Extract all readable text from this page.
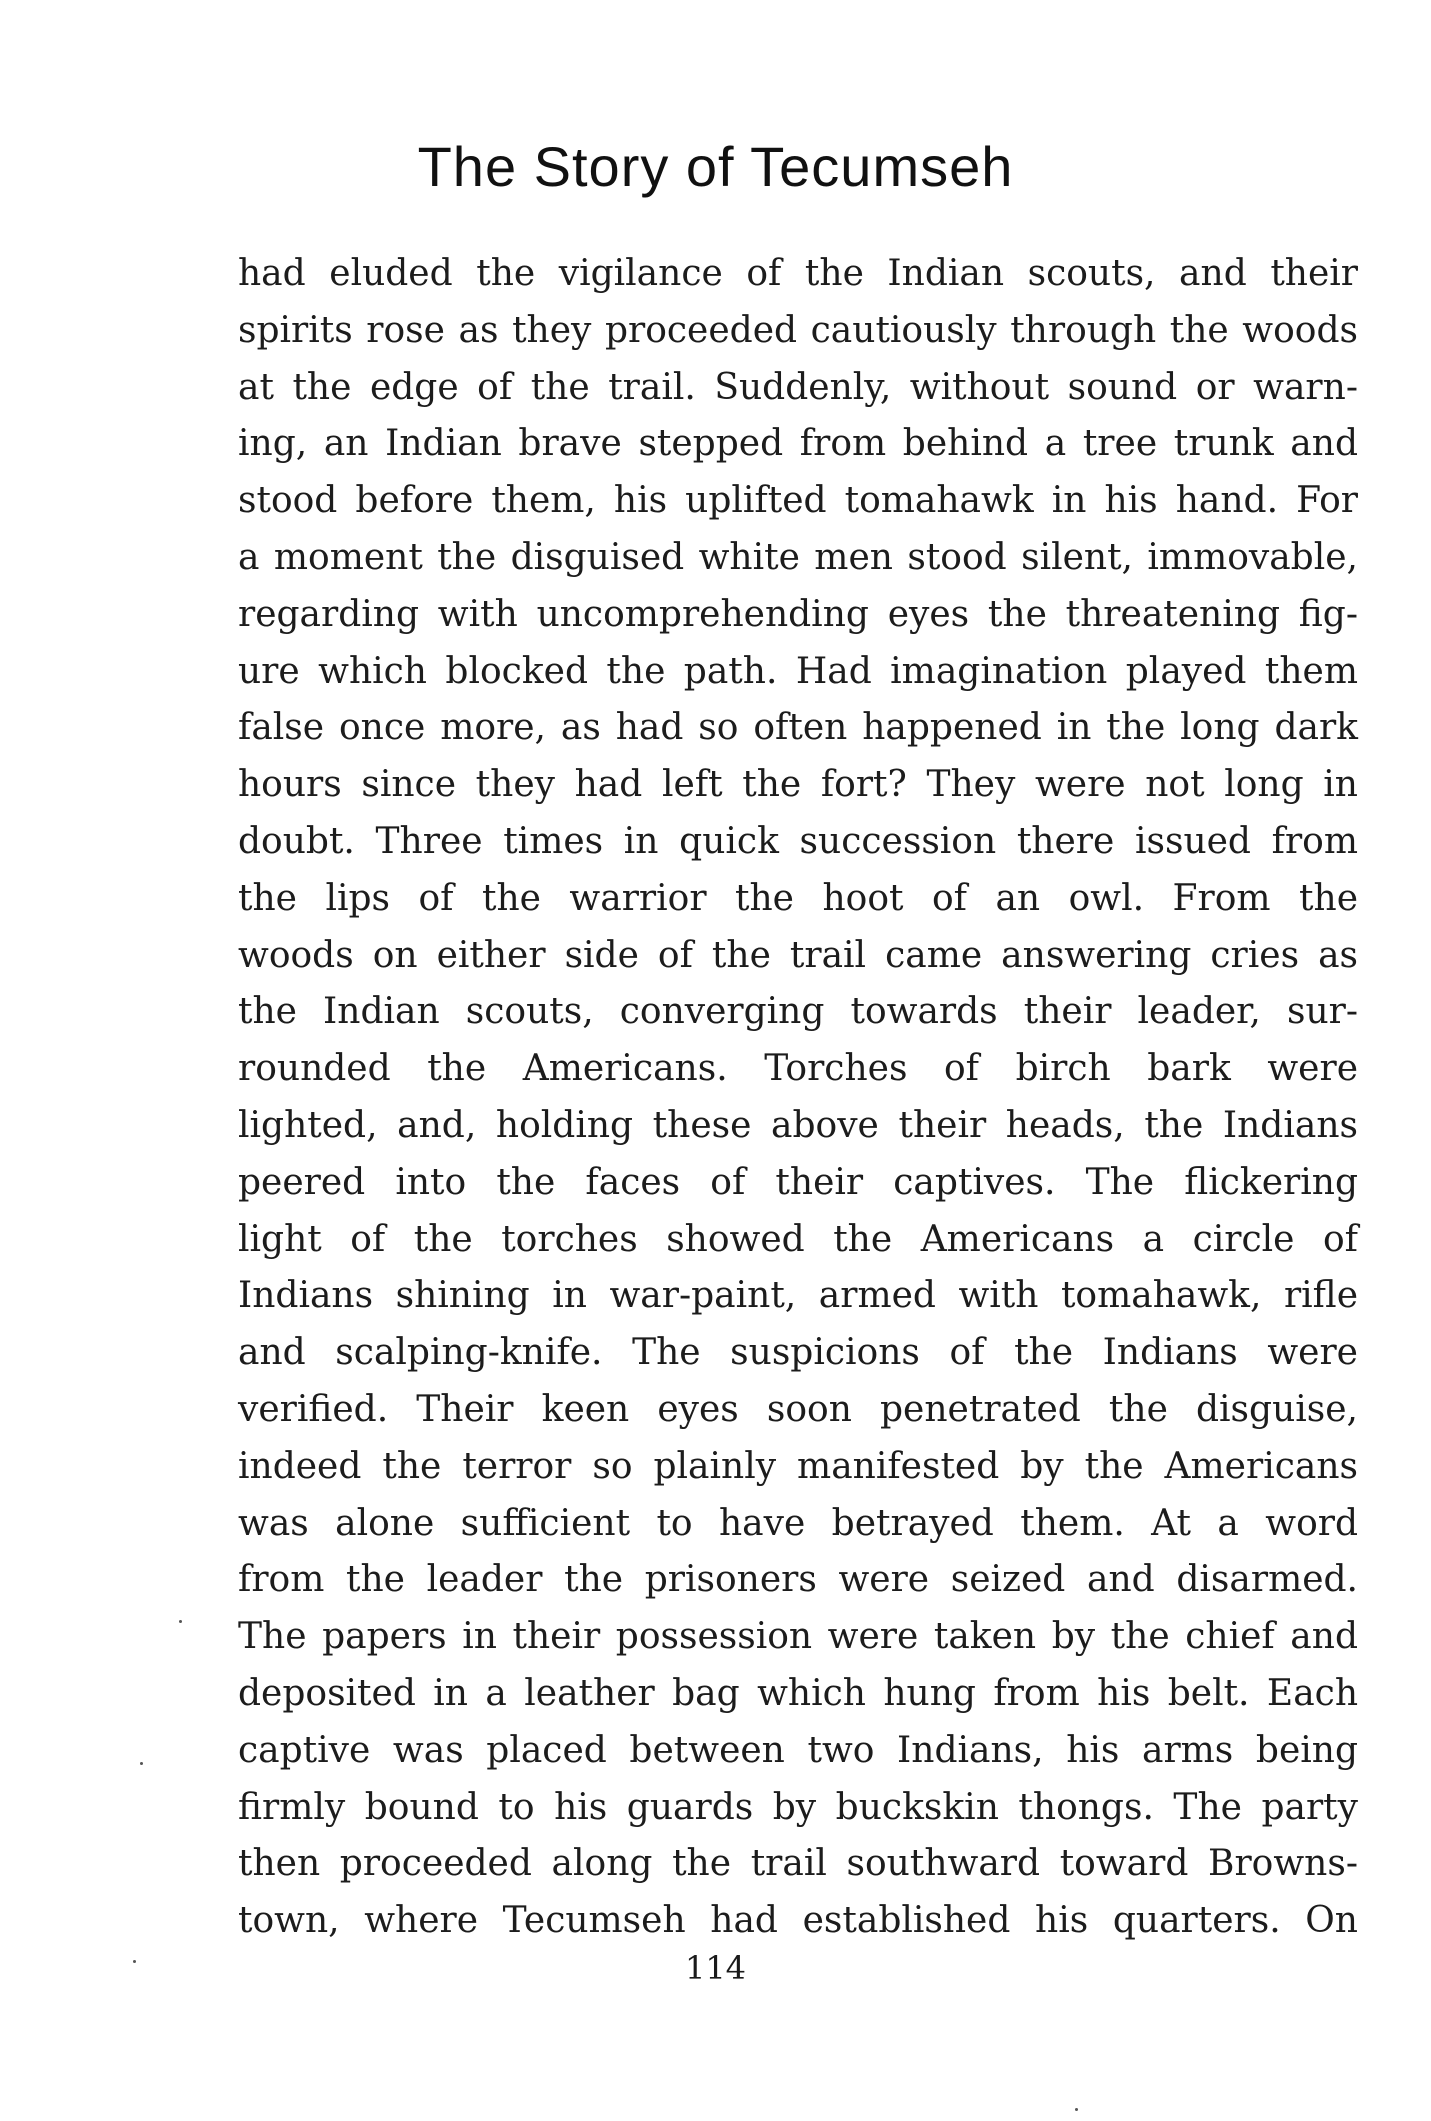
The Story of Tecumseh
had eluded the vigilance of the Indian scouts, and their
spirits rose as they proceeded cautiously through the woods
at the edge of the trail. Suddenly, without sound or warn-
ing, an Indian brave stepped from behind a tree trunk and
stood before them, his uplifted tomahawk in his hand. For
a moment the disguised white men stood silent, immovable,
regarding with uncomprehending eyes the threatening fig-
ure which blocked the path. Had imagination played them
false once more, as had so often happened in the long dark
hours since they had left the fort? They were not long in
doubt. Three times in quick succession there issued from
the lips of the warrior the hoot of an owl. From the
woods on either side of the trail came answering cries as
the Indian scouts, converging towards their leader, sur-
rounded the Americans. Torches of birch bark were
lighted, and, holding these above their heads, the Indians
peered into the faces of their captives. The flickering
light of the torches showed the Americans a circle of
Indians shining in war-paint, armed with tomahawk, rifle
and scalping-knife. The suspicions of the Indians were
verified. Their keen eyes soon penetrated the disguise,
indeed the terror so plainly manifested by the Americans
was alone sufficient to have betrayed them. At a word
from the leader the prisoners were seized and disarmed.
The papers in their possession were taken by the chief and
deposited in a leather bag which hung from his belt. Each
captive was placed between two Indians, his arms being
firmly bound to his guards by buckskin thongs. The party
then proceeded along the trail southward toward Browns-
town, where Tecumseh had established his quarters. On
114
